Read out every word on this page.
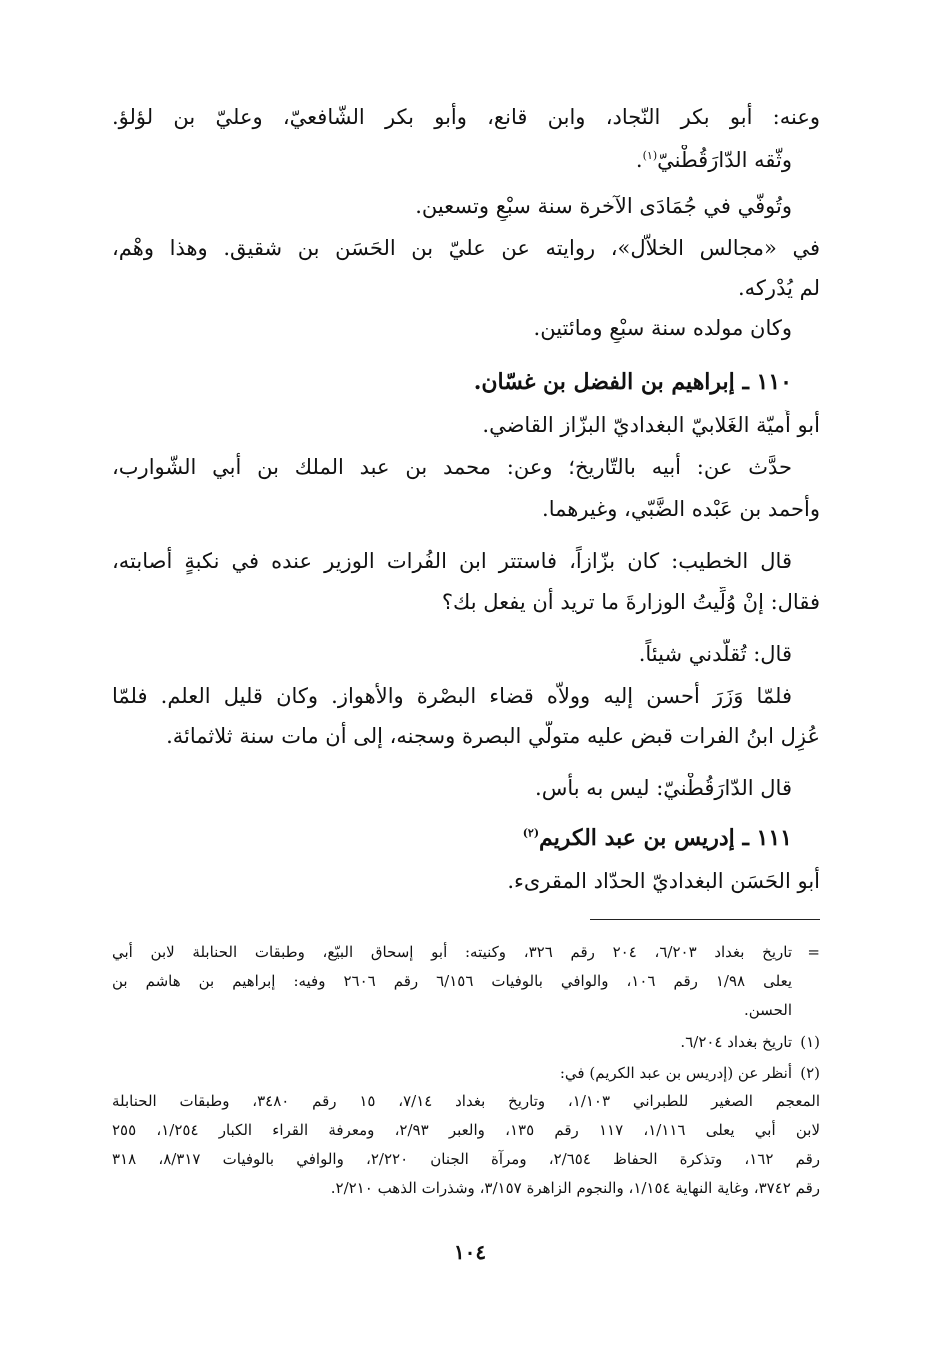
وعنه: أبو بكر النّجاد، وابن قانع، وأبو بكر الشّافعيّ، وعليّ بن لؤلؤ.
وثّقه الدّارَقُطْنيّ$^{(١)}$.
وتُوفّي في جُمَادَى الآخرة سنة سبْعٍ وتسعين.
في «مجالس الخلاّل»، روايته عن عليّ بن الحَسَن بن شقيق. وهذا وهْم،
لم يُدْركه.
وكان مولده سنة سبْعٍ ومائتين.
١١٠ ـ إبراهيم بن الفضل بن غسّان.
أبو أُميّة الغَلابيّ البغداديّ البزّاز القاضي.
حدَّث عن: أبيه بالتّاريخ؛ وعن: محمد بن عبد الملك بن أبي الشّوارب،
وأحمد بن عَبْده الضَّبّي، وغيرهما.
قال الخطيب: كان بزّازاً، فاستتر ابن الفُرات الوزير عنده في نكبةٍ أصابته،
فقال: إنْ وُلِّيتُ الوزارةَ ما تريد أن يفعل بك؟
قال: تُقلّدني شيئاً.
فلمّا وَزَرَ أحسن إليه وولاّه قضاء البصْرة والأهواز. وكان قليل العلم. فلمّا
عُزِل ابنُ الفرات قبض عليه متولّي البصرة وسجنه، إلى أن مات سنة ثلاثمائة.
قال الدّارَقُطْنيّ: ليس به بأس.
١١١ ـ إدريس بن عبد الكريم$^{(٢)}$
أبو الحَسَن البغداديّ الحدّاد المقرىء.
=
تاريخ بغداد ٦/٢٠٣، ٢٠٤ رقم ٣٢٦، وكنيته: أبو إسحاق البيّع، وطبقات الحنابلة لابن أبي
يعلى ١/٩٨ رقم ١٠٦، والوافي بالوفيات ٦/١٥٦ رقم ٢٦٠٦ وفيه: إبراهيم بن هاشم بن
الحسن.
(١)
تاريخ بغداد ٦/٢٠٤.
(٢)
أنظر عن (إدريس بن عبد الكريم) في:
المعجم الصغير للطبراني ١/١٠٣، وتاريخ بغداد ٧/١٤، ١٥ رقم ٣٤٨٠، وطبقات الحنابلة
لابن أبي يعلى ١/١١٦، ١١٧ رقم ١٣٥، والعبر ٢/٩٣، ومعرفة القراء الكبار ١/٢٥٤، ٢٥٥
رقم ١٦٢، وتذكرة الحفاظ ٢/٦٥٤، ومرآة الجنان ٢/٢٢٠، والوافي بالوفيات ٨/٣١٧، ٣١٨
رقم ٣٧٤٢، وغاية النهاية ١/١٥٤، والنجوم الزاهرة ٣/١٥٧، وشذرات الذهب ٢/٢١٠.
١٠٤
